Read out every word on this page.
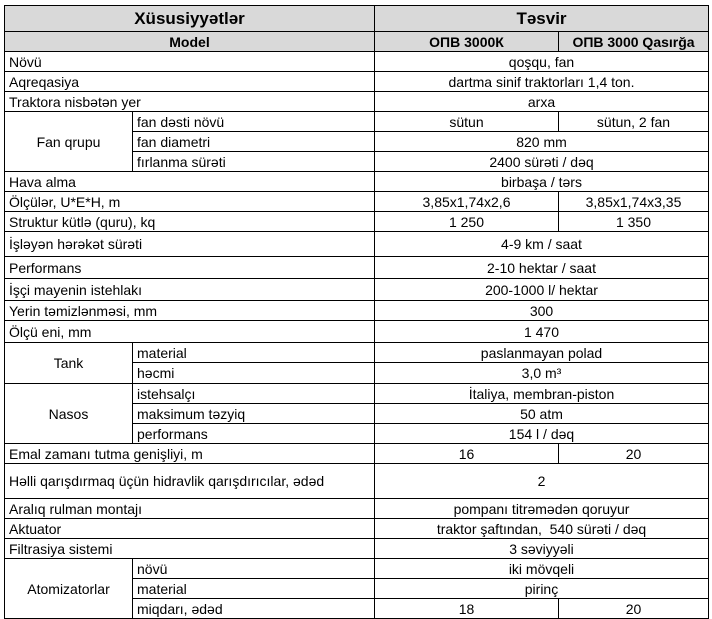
Xüsusiyyətlər		Təsvir	
Model		ОПВ 3000К	ОПВ 3000 Qasırğa
Növü		qoşqu, fan	
Aqreqasiya		dartma sinif traktorları 1,4 ton.	
Traktora nisbətən yer		arxa	
Fan qrupu	fan dəsti növü	sütun	sütun, 2 fan
	fan diametri	820 mm	
	fırlanma sürəti	2400 sürəti / dəq	
Hava alma		birbaşa / tərs	
Ölçülər, U*E*H, m		3,85x1,74x2,6	3,85x1,74x3,35
Struktur kütlə (quru), kq		1 250	1 350
İşləyən hərəkət sürəti		4-9 km / saat	
Performans		2-10 hektar / saat	
İşçi mayenin istehlakı		200-1000 l/ hektar	
Yerin təmizlənməsi, mm		300	
Ölçü eni, mm		1 470	
Tank	material	paslanmayan polad	
	həcmi	3,0 m³	
Nasos	istehsalçı	İtaliya, membran-piston	
	maksimum təzyiq	50 atm	
	performans	154 l / dəq	
Emal zamanı tutma genişliyi, m		16	20
Həlli qarışdırmaq üçün hidravlik qarışdırıcılar, ədəd		2	
Aralıq rulman montajı		pompanı titrəmədən qoruyur	
Aktuator		traktor şaftından,  540 sürəti / dəq	
Filtrasiya sistemi		3 səviyyəli	
Atomizatorlar	növü	iki mövqeli	
	material	pirinç	
	miqdarı, ədəd	18	20
